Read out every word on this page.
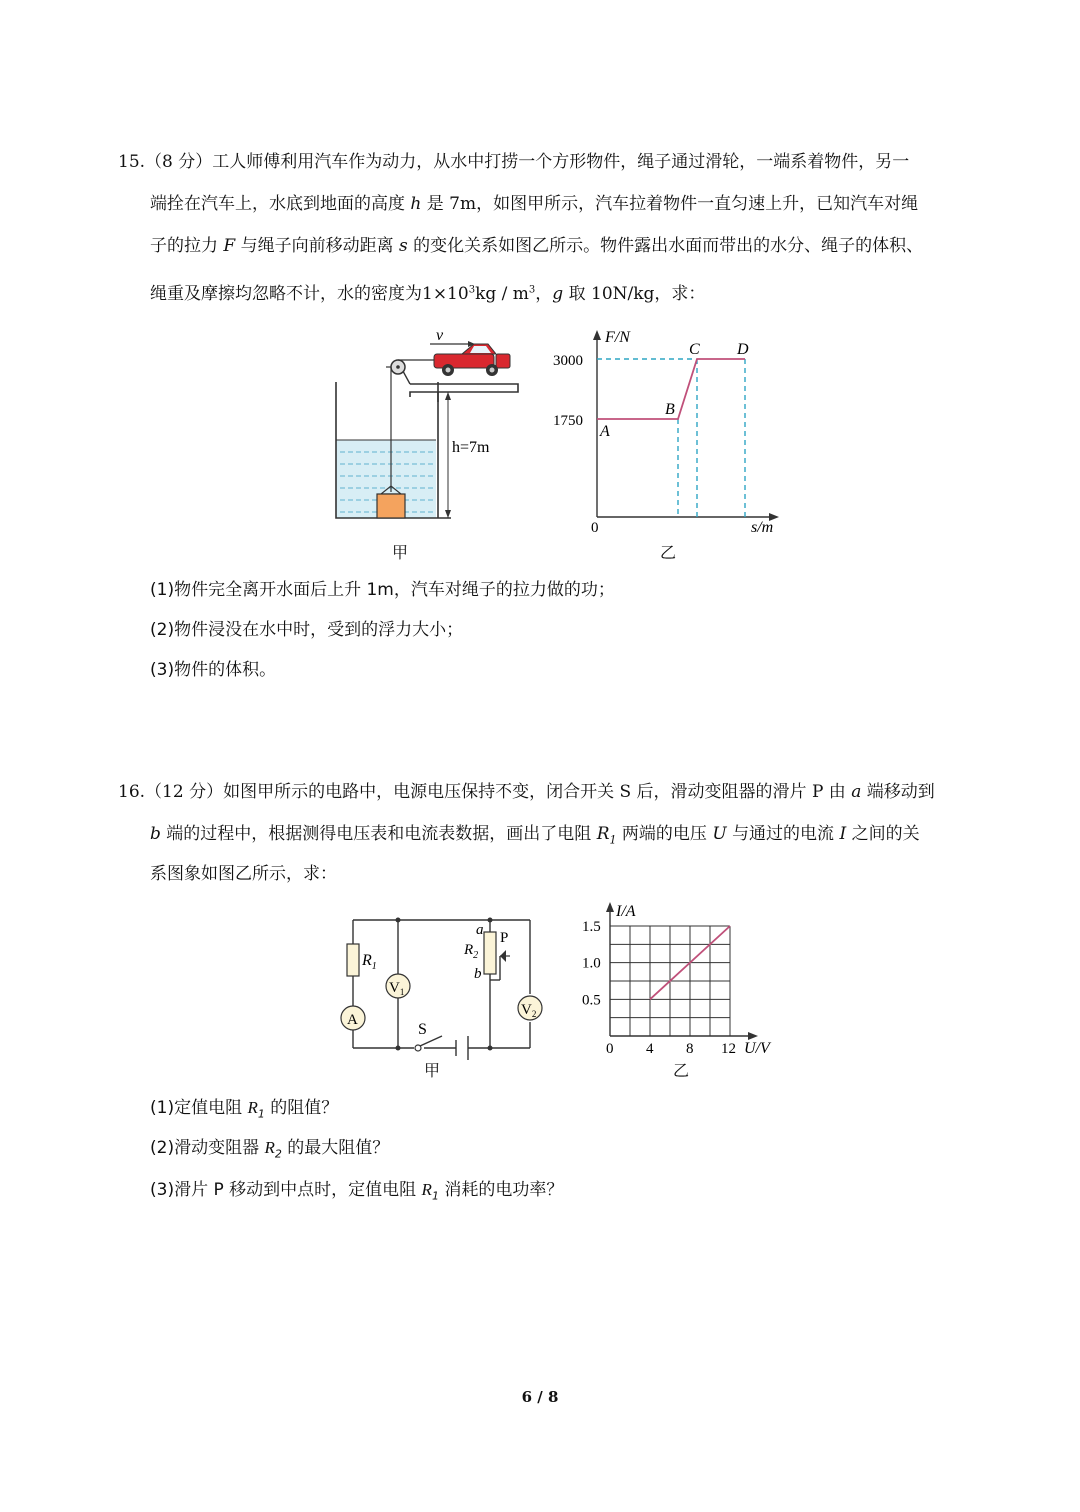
15.（8 分）工人师傅利用汽车作为动力，从水中打捞一个方形物件，绳子通过滑轮，一端系着物件，另一
端拴在汽车上，水底到地面的高度 h 是 7m，如图甲所示，汽车拉着物件一直匀速上升，已知汽车对绳
子的拉力 F 与绳子向前移动距离 s 的变化关系如图乙所示。物件露出水面而带出的水分、绳子的体积、
绳重及摩擦均忽略不计，水的密度为$1\times 10^3kg / m^3$，g 取 10N/kg，求：
v
h=7m
甲
F/N
s/m
0
3000
1750
A
B
C D
乙
(1)物件完全离开水面后上升 1m，汽车对绳子的拉力做的功；
(2)物件浸没在水中时，受到的浮力大小；
(3)物件的体积。
16.（12 分）如图甲所示的电路中，电源电压保持不变，闭合开关 S 后，滑动变阻器的滑片 P 由 a 端移动到
b 端的过程中，根据测得电压表和电流表数据，画出了电阻 $R_1$ 两端的电压 U 与通过的电流 I 之间的关
系图象如图乙所示，求：
S
$R_1$
A
$V_1$
a P
$R_2$
b
$V_2$
甲
I/A
U/V
0 4 8 12
0.5
1.0
1.5
乙
(1)定值电阻 $R_1$ 的阻值？
(2)滑动变阻器 $R_2$ 的最大阻值？
(3)滑片 P 移动到中点时，定值电阻 $R_1$ 消耗的电功率？
6 / 8
